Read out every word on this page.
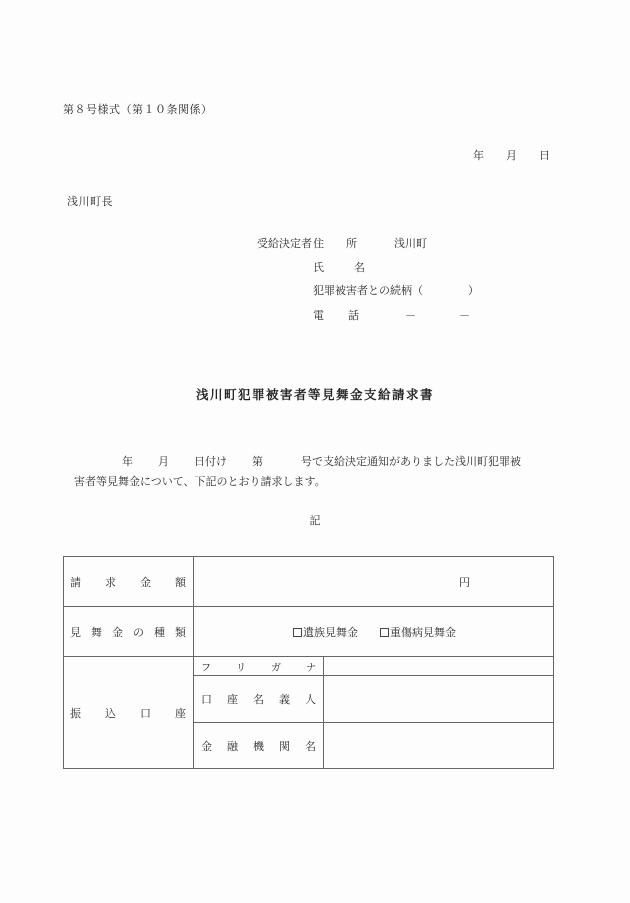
第８号様式（第１０条関係）
年 月 日
浅川町長
受給決定者 住 所	浅川町
氏	名
犯罪被害者との続柄（	）
電 話	－	－
浅川町犯罪被害者等見舞金支給請求書
年 月 日付け 第	号で支給決定通知がありました浅川町犯罪被
害者等見舞金について、下記のとおり請求します。
記
請 求 金 額	円	

見 舞 金 の 種 類	遺族見舞金	重傷病見舞金

振 込 口 座	フ リ ガ ナ	

	口 座 名 義 人	

	金 融 機 関 名	
